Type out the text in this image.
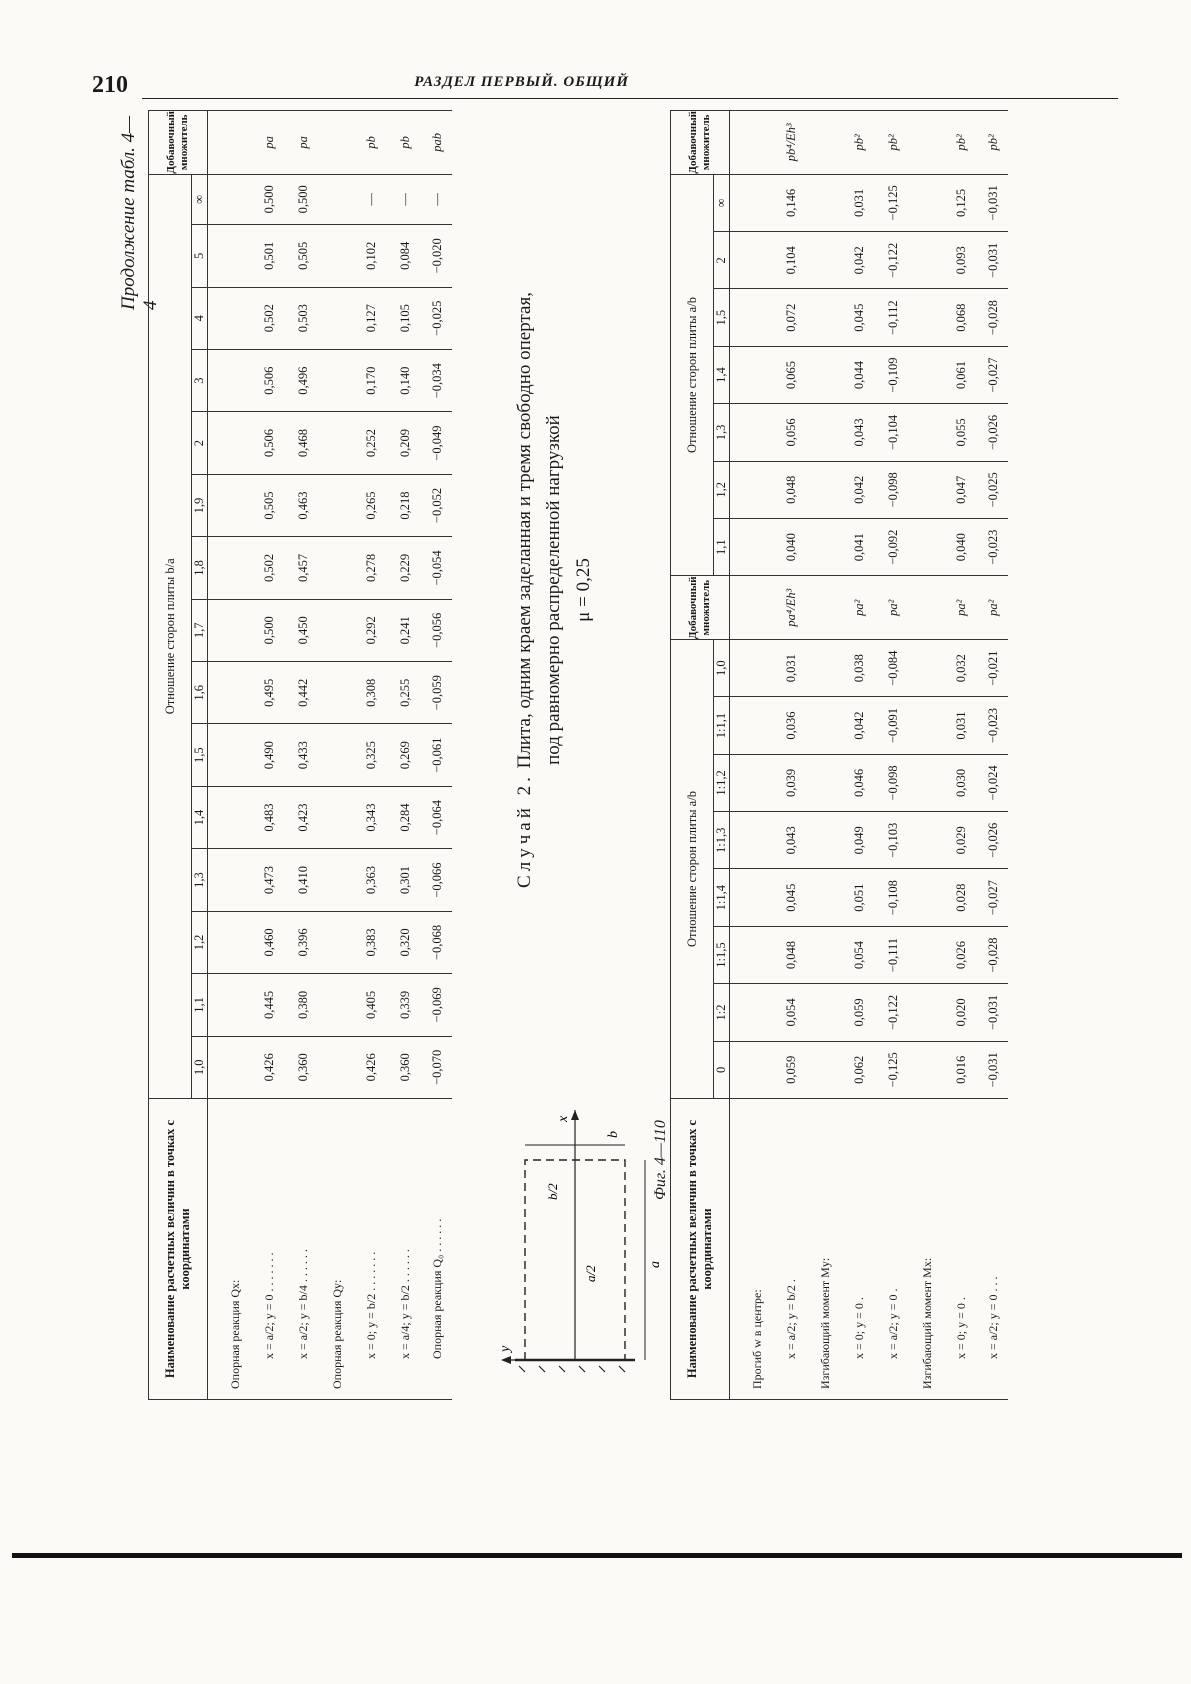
210	РАЗДЕЛ ПЕРВЫЙ. ОБЩИЙ
Продолжение табл. 4—4
Наименование расчетных величин в точках с координатами	Отношение сторон плиты b/a															Добавочный множитель
	1,0	1,1	1,2	1,3	1,4	1,5	1,6	1,7	1,8	1,9	2	3	4	5	∞	
Опорная реакция Qx:																
x = a/2; y = 0 . . . . . . .	0,426	0,445	0,460	0,473	0,483	0,490	0,495	0,500	0,502	0,505	0,506	0,506	0,502	0,501	0,500	pa
x = a/2; y = b/4 . . . . . .	0,360	0,380	0,396	0,410	0,423	0,433	0,442	0,450	0,457	0,463	0,468	0,496	0,503	0,505	0,500	pa
Опорная реакция Qy:																
x = 0; y = b/2 . . . . . . .	0,426	0,405	0,383	0,363	0,343	0,325	0,308	0,292	0,278	0,265	0,252	0,170	0,127	0,102	—	pb
x = a/4; y = b/2 . . . . . .	0,360	0,339	0,320	0,301	0,284	0,269	0,255	0,241	0,229	0,218	0,209	0,140	0,105	0,084	—	pb
Опорная реакция Q₀ . . . . . .	−0,070	−0,069	−0,068	−0,066	−0,064	−0,061	−0,059	−0,056	−0,054	−0,052	−0,049	−0,034	−0,025	−0,020	—	pab
x
y
a
b
a/2
b/2	Фиг. 4—110
Случай 2. Плита, одним краем заделанная и тремя свободно опертая, под равномерно распределенной нагрузкой μ = 0,25
Наименование расчетных величин в точках с координатами	Отношение сторон плиты a/b								Добавочный множитель	Отношение сторон плиты a/b							Добавочный множитель
	0	1:2	1:1,5	1:1,4	1:1,3	1:1,2	1:1,1	1,0		1,1	1,2	1,3	1,4	1,5	2	∞	
Прогиб w в центре:																	
x = a/2; y = b/2 .	0,059	0,054	0,048	0,045	0,043	0,039	0,036	0,031	pa⁴/Eh³	0,040	0,048	0,056	0,065	0,072	0,104	0,146	pb⁴/Eh³
Изгибающий момент My:																	
x = 0; y = 0 .	0,062	0,059	0,054	0,051	0,049	0,046	0,042	0,038	pa²	0,041	0,042	0,043	0,044	0,045	0,042	0,031	pb²
x = a/2; y = 0 .	−0,125	−0,122	−0,111	−0,108	−0,103	−0,098	−0,091	−0,084	pa²	−0,092	−0,098	−0,104	−0,109	−0,112	−0,122	−0,125	pb²
Изгибающий момент Mx:																	
x = 0; y = 0 .	0,016	0,020	0,026	0,028	0,029	0,030	0,031	0,032	pa²	0,040	0,047	0,055	0,061	0,068	0,093	0,125	pb²
x = a/2; y = 0 . . .	−0,031	−0,031	−0,028	−0,027	−0,026	−0,024	−0,023	−0,021	pa²	−0,023	−0,025	−0,026	−0,027	−0,028	−0,031	−0,031	pb²
